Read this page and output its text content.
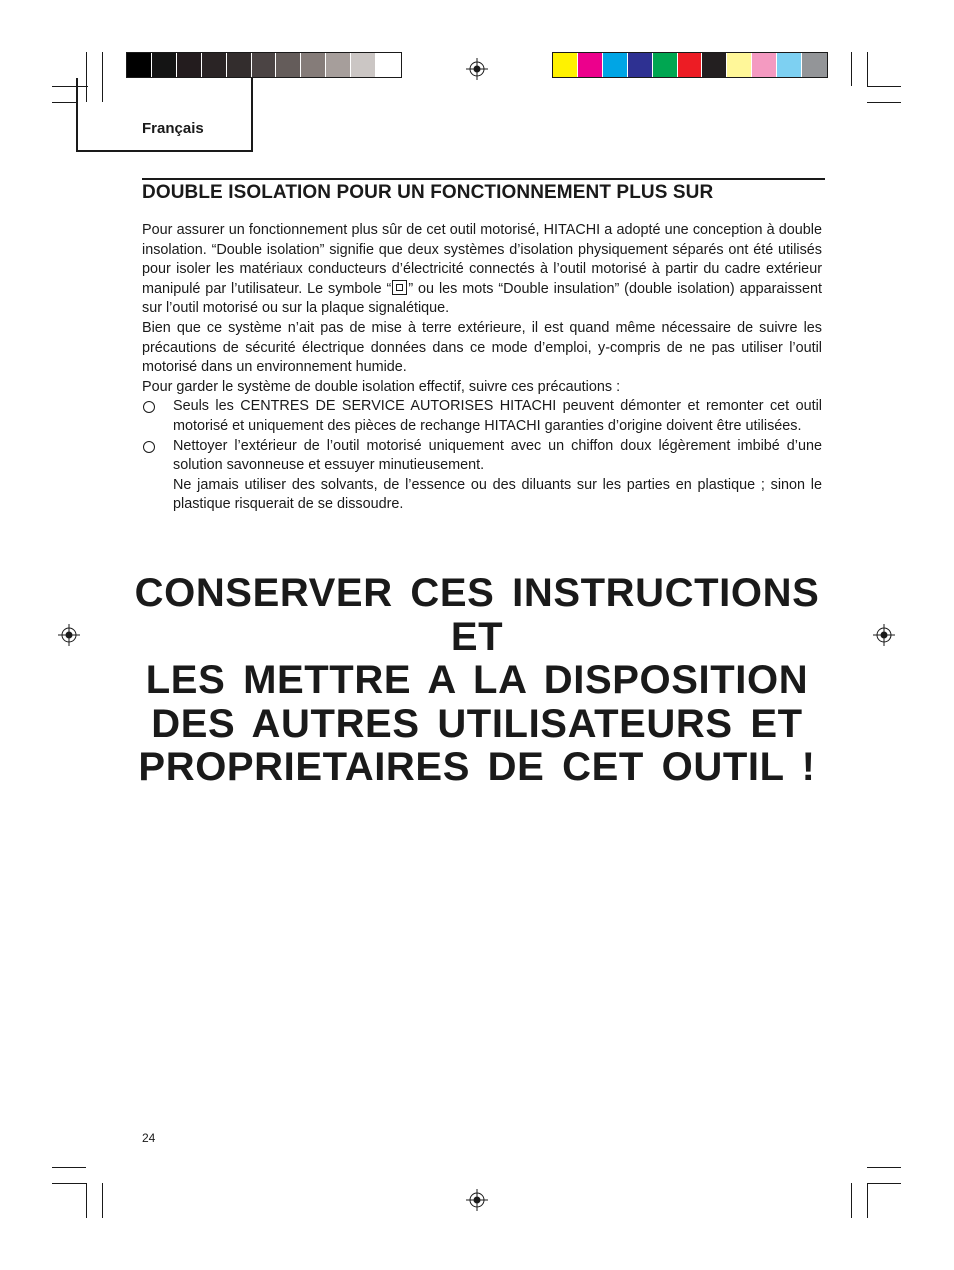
Français
DOUBLE ISOLATION POUR UN FONCTIONNEMENT PLUS SUR

Pour assurer un fonctionnement plus sûr de cet outil motorisé, HITACHI a adopté une conception à double insolation. “Double isolation” signifie que deux systèmes d’isolation physiquement séparés ont été utilisés pour isoler les matériaux conducteurs d’électricité connectés à l’outil motorisé à partir du cadre extérieur manipulé par l’utilisateur. Le symbole “ ” ou les mots “Double insulation” (double isolation) apparaissent sur l’outil motorisé ou sur la plaque signalétique.

Bien que ce système n’ait pas de mise à terre extérieure, il est quand même nécessaire de suivre les précautions de sécurité électrique données dans ce mode d’emploi, y-compris de ne pas utiliser l’outil motorisé dans un environnement humide.

Pour garder le système de double isolation effectif, suivre ces précautions :

Seuls les CENTRES DE SERVICE AUTORISES HITACHI peuvent démonter et remonter cet outil motorisé et uniquement des pièces de rechange HITACHI garanties d’origine doivent être utilisées.

Nettoyer l’extérieur de l’outil motorisé uniquement avec un chiffon doux légèrement imbibé d’une solution savonneuse et essuyer minutieusement.

Ne jamais utiliser des solvants, de l’essence ou des diluants sur les parties en plastique ; sinon le plastique risquerait de se dissoudre.

CONSERVER CES INSTRUCTIONS
ET
LES METTRE A LA DISPOSITION
DES AUTRES UTILISATEURS ET
PROPRIETAIRES DE CET OUTIL !
24
